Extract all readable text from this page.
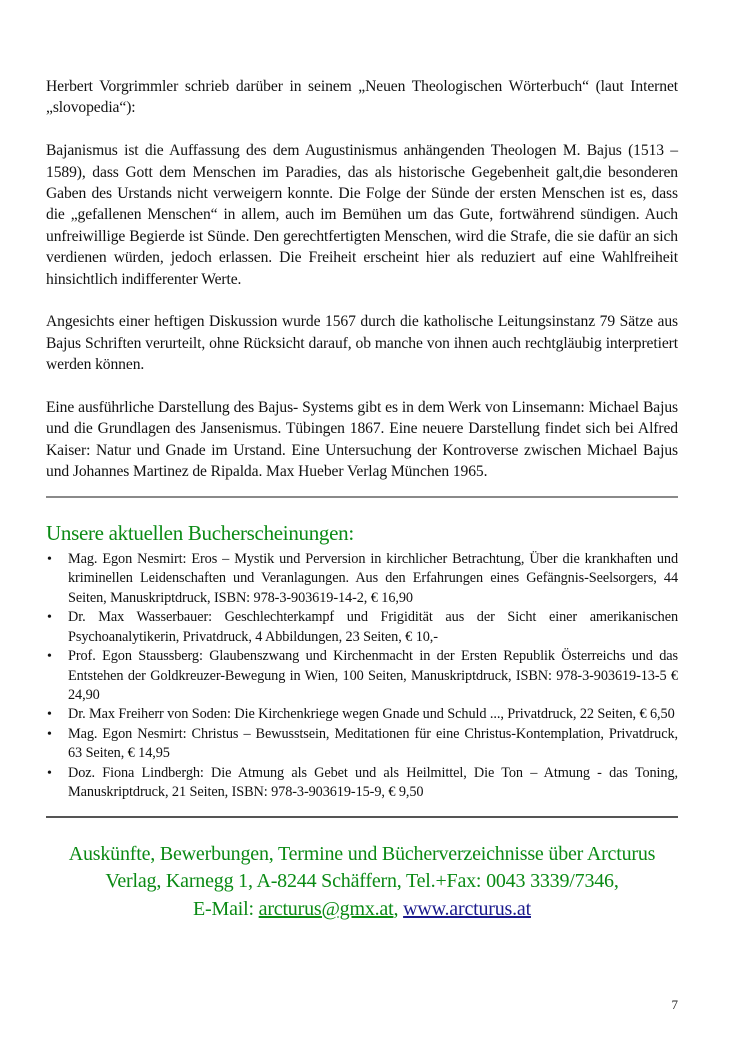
Herbert Vorgrimmler schrieb darüber in seinem „Neuen Theologischen Wörterbuch“ (laut Internet „slovopedia“):

Bajanismus ist die Auffassung des dem Augustinismus anhängenden Theologen M. Bajus (1513 – 1589), dass Gott dem Menschen im Paradies, das als historische Gegebenheit galt,die besonderen Gaben des Urstands nicht verweigern konnte. Die Folge der Sünde der ersten Menschen ist es, dass die „gefallenen Menschen“ in allem, auch im Bemühen um das Gute, fortwährend sündigen. Auch unfreiwillige Begierde ist Sünde. Den gerechtfertigten Menschen, wird die Strafe, die sie dafür an sich verdienen würden, jedoch erlassen. Die Freiheit erscheint hier als reduziert auf eine Wahlfreiheit hinsichtlich indifferenter Werte.

Angesichts einer heftigen Diskussion wurde 1567 durch die katholische Leitungsinstanz 79 Sätze aus Bajus Schriften verurteilt, ohne Rücksicht darauf, ob manche von ihnen auch rechtgläubig interpretiert werden können.

Eine ausführliche Darstellung des Bajus- Systems gibt es in dem Werk von Linsemann: Michael Bajus und die Grundlagen des Jansenismus. Tübingen 1867. Eine neuere Darstellung findet sich bei Alfred Kaiser: Natur und Gnade im Urstand. Eine Untersuchung der Kontroverse zwischen Michael Bajus und Johannes Martinez de Ripalda. Max Hueber Verlag München 1965.

Unsere aktuellen Bucherscheinungen:
• Mag. Egon Nesmirt: Eros – Mystik und Perversion in kirchlicher Betrachtung, Über die krankhaften und kriminellen Leidenschaften und Veranlagungen. Aus den Erfahrungen eines Gefängnis-Seelsorgers, 44 Seiten, Manuskriptdruck, ISBN: 978-3-903619-14-2, € 16,90
• Dr. Max Wasserbauer: Geschlechterkampf und Frigidität aus der Sicht einer amerikanischen Psychoanalytikerin, Privatdruck, 4 Abbildungen, 23 Seiten, € 10,-
• Prof. Egon Staussberg: Glaubenszwang und Kirchenmacht in der Ersten Republik Österreichs und das Entstehen der Goldkreuzer-Bewegung in Wien, 100 Seiten, Manuskriptdruck, ISBN: 978-3-903619-13-5 € 24,90
• Dr. Max Freiherr von Soden: Die Kirchenkriege wegen Gnade und Schuld ..., Privatdruck, 22 Seiten, € 6,50
• Mag. Egon Nesmirt: Christus – Bewusstsein, Meditationen für eine Christus-Kontemplation, Privatdruck, 63 Seiten, € 14,95
• Doz. Fiona Lindbergh: Die Atmung als Gebet und als Heilmittel, Die Ton – Atmung - das Toning, Manuskriptdruck, 21 Seiten, ISBN: 978-3-903619-15-9, € 9,50
Auskünfte, Bewerbungen, Termine und Bücherverzeichnisse über Arcturus
Verlag, Karnegg 1, A-8244 Schäffern, Tel.+Fax: 0043 3339/7346,
E-Mail: arcturus@gmx.at, www.arcturus.at
7
